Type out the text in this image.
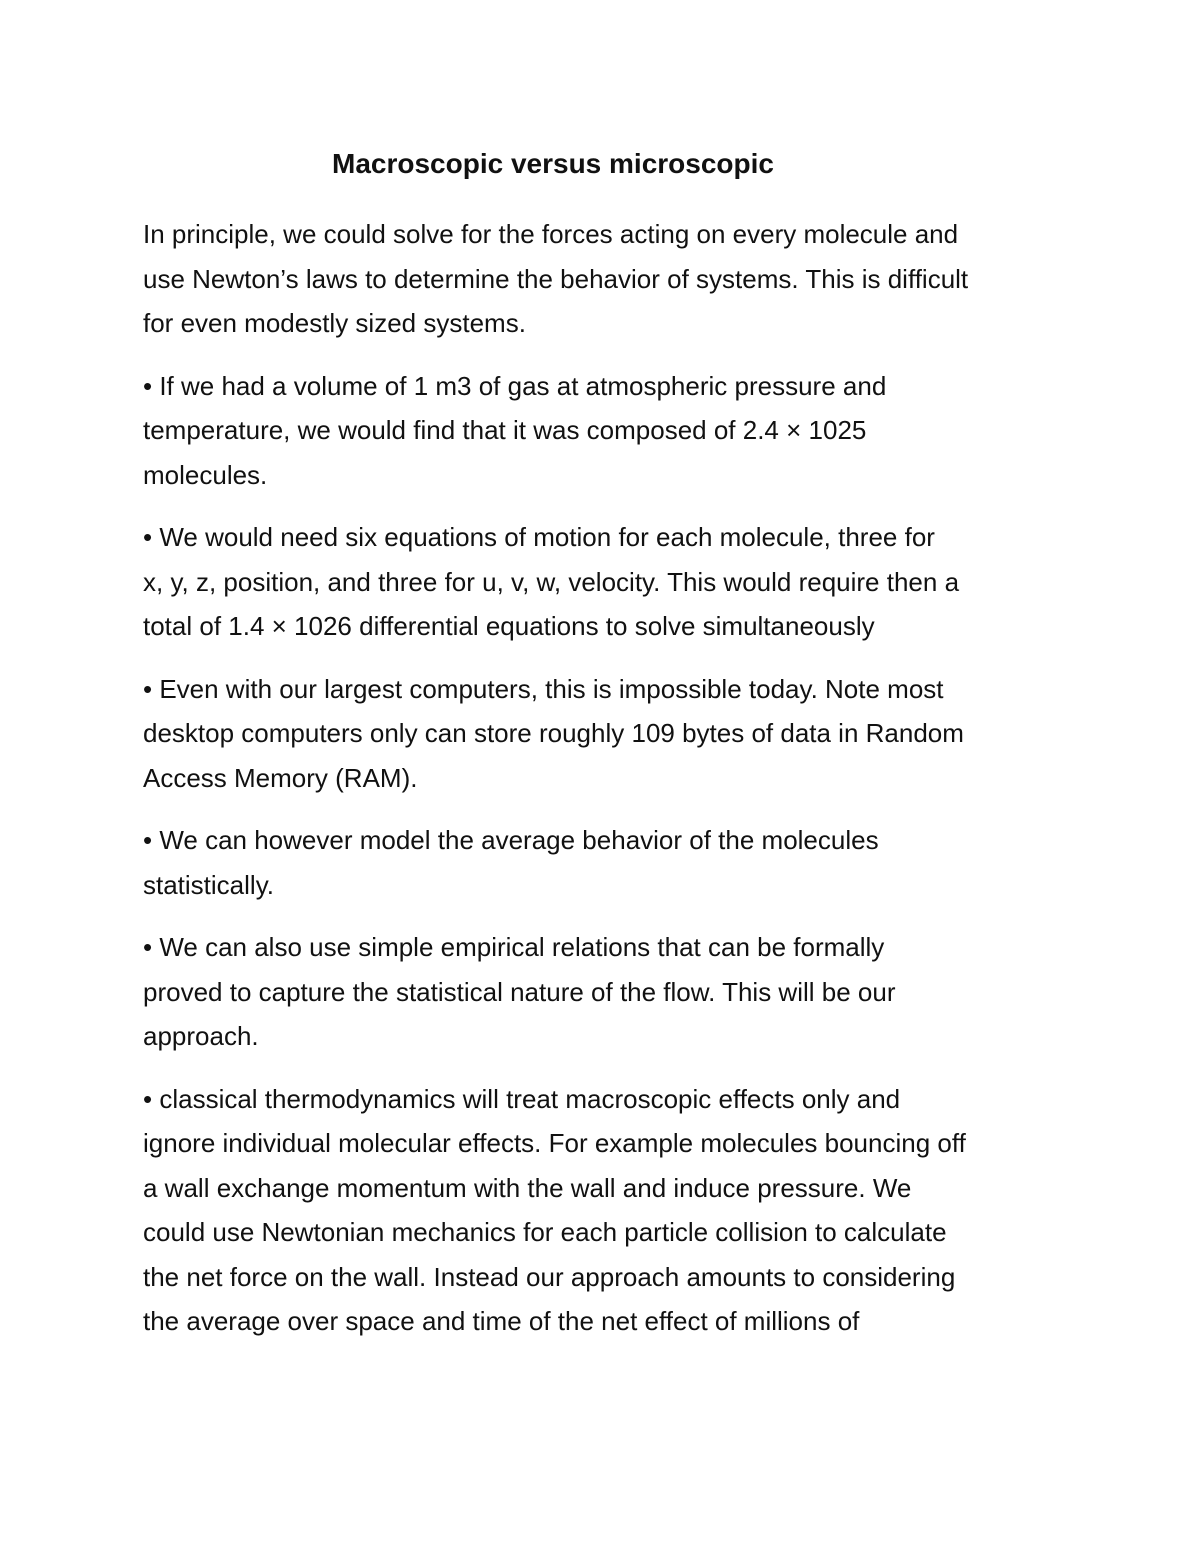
Macroscopic versus microscopic

In principle, we could solve for the forces acting on every molecule and
use Newton’s laws to determine the behavior of systems. This is difficult
for even modestly sized systems.

• If we had a volume of 1 m3 of gas at atmospheric pressure and
temperature, we would find that it was composed of 2.4 × 1025
molecules.

• We would need six equations of motion for each molecule, three for
x, y, z, position, and three for u, v, w, velocity. This would require then a
total of 1.4 × 1026 differential equations to solve simultaneously

• Even with our largest computers, this is impossible today. Note most
desktop computers only can store roughly 109 bytes of data in Random
Access Memory (RAM).

• We can however model the average behavior of the molecules
statistically.

• We can also use simple empirical relations that can be formally
proved to capture the statistical nature of the flow. This will be our
approach.

• classical thermodynamics will treat macroscopic effects only and
ignore individual molecular effects. For example molecules bouncing off
a wall exchange momentum with the wall and induce pressure. We
could use Newtonian mechanics for each particle collision to calculate
the net force on the wall. Instead our approach amounts to considering
the average over space and time of the net effect of millions of
